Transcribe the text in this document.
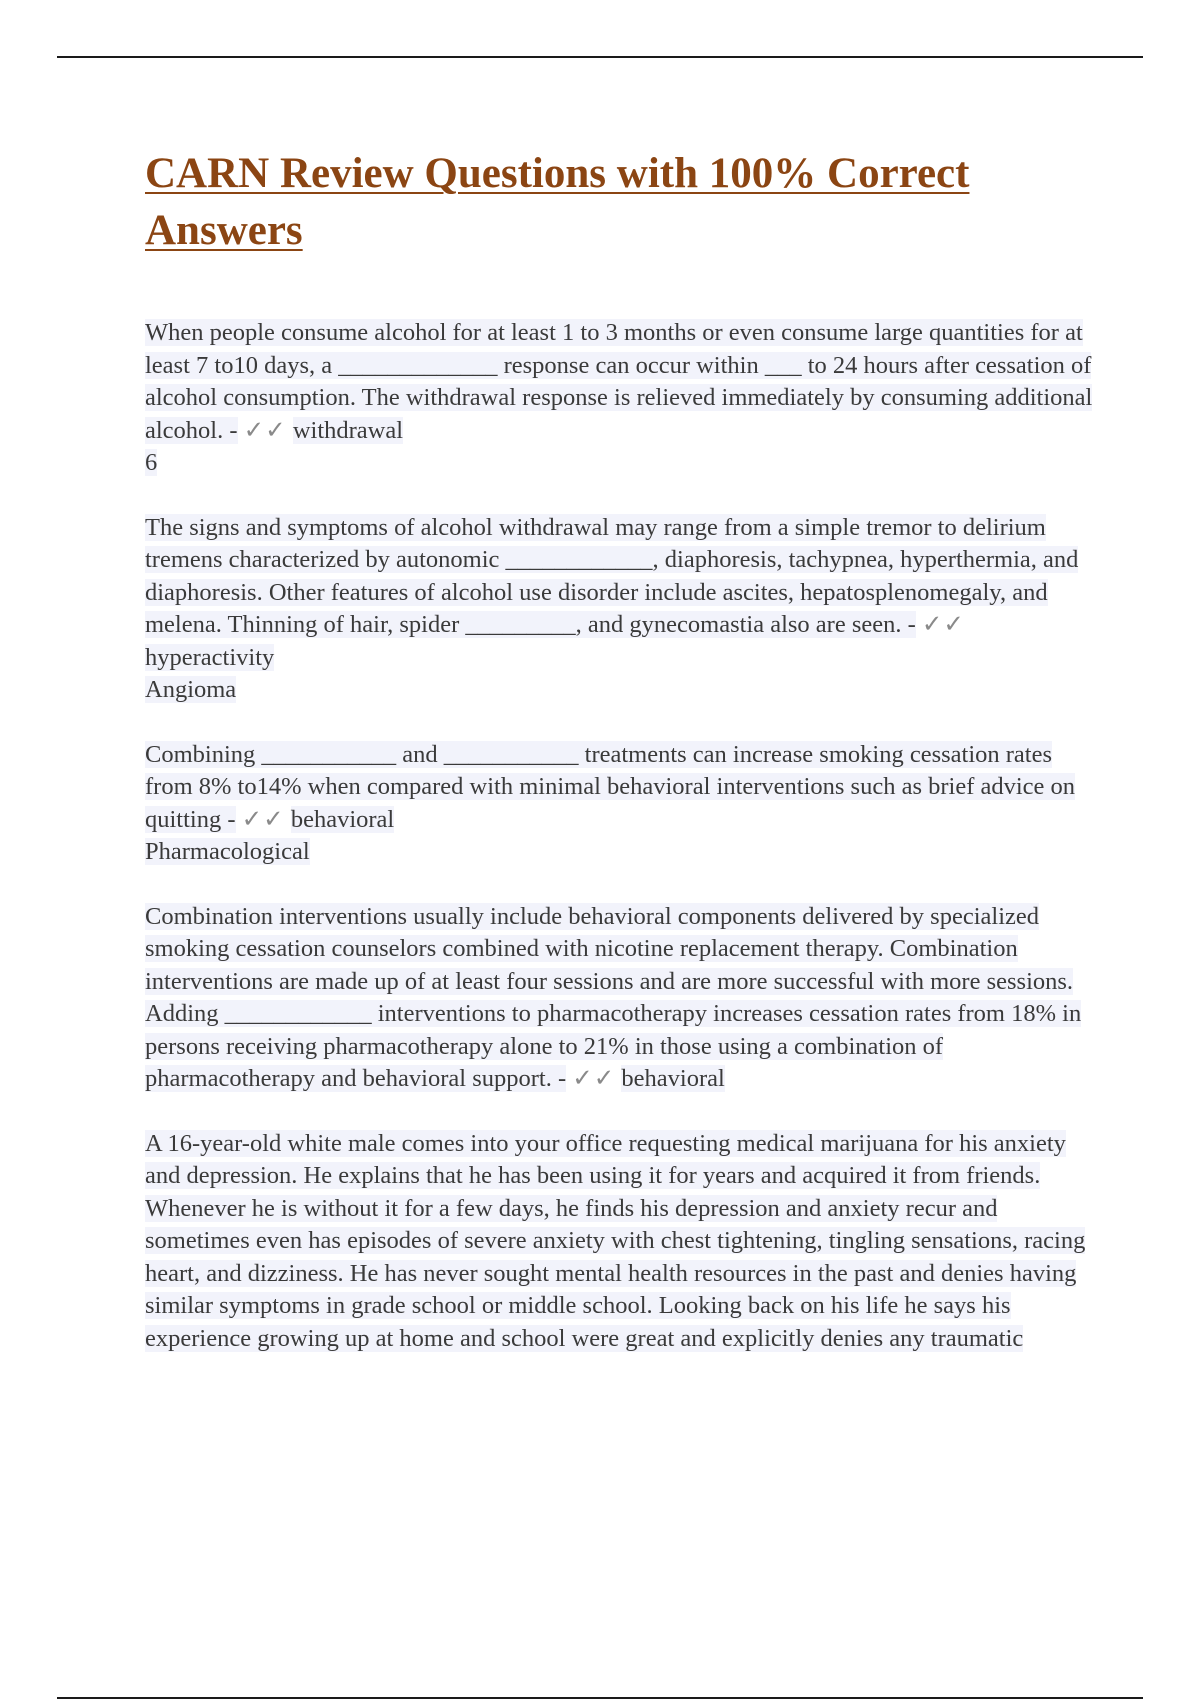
CARN Review Questions with 100% Correct Answers
When people consume alcohol for at least 1 to 3 months or even consume large quantities for at least 7 to10 days, a _____________ response can occur within ___ to 24 hours after cessation of alcohol consumption. The withdrawal response is relieved immediately by consuming additional alcohol. - ✓✓ withdrawal
6
The signs and symptoms of alcohol withdrawal may range from a simple tremor to delirium tremens characterized by autonomic ____________, diaphoresis, tachypnea, hyperthermia, and diaphoresis. Other features of alcohol use disorder include ascites, hepatosplenomegaly, and melena. Thinning of hair, spider _________, and gynecomastia also are seen. - ✓✓ hyperactivity
Angioma
Combining ___________ and ___________ treatments can increase smoking cessation rates from 8% to14% when compared with minimal behavioral interventions such as brief advice on quitting - ✓✓ behavioral
Pharmacological
Combination interventions usually include behavioral components delivered by specialized smoking cessation counselors combined with nicotine replacement therapy. Combination interventions are made up of at least four sessions and are more successful with more sessions. Adding ____________ interventions to pharmacotherapy increases cessation rates from 18% in persons receiving pharmacotherapy alone to 21% in those using a combination of pharmacotherapy and behavioral support. - ✓✓ behavioral
A 16-year-old white male comes into your office requesting medical marijuana for his anxiety and depression. He explains that he has been using it for years and acquired it from friends. Whenever he is without it for a few days, he finds his depression and anxiety recur and sometimes even has episodes of severe anxiety with chest tightening, tingling sensations, racing heart, and dizziness. He has never sought mental health resources in the past and denies having similar symptoms in grade school or middle school. Looking back on his life he says his experience growing up at home and school were great and explicitly denies any traumatic
